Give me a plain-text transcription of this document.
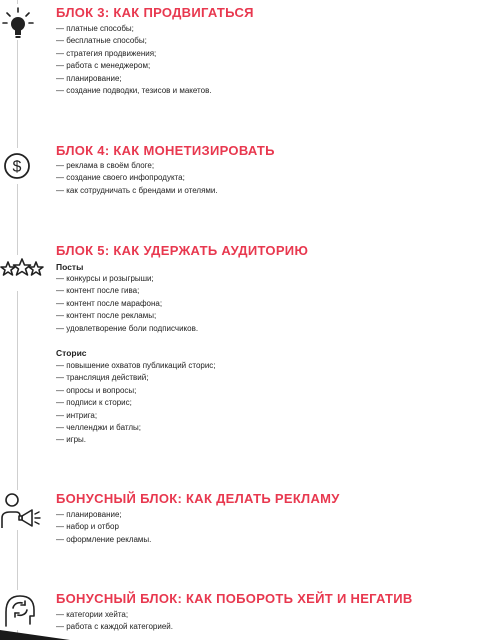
БЛОК 3: КАК ПРОДВИГАТЬСЯ
— платные способы;
— бесплатные способы;
— стратегия продвижения;
— работа с менеджером;
— планирование;
— создание подводки, тезисов и макетов.
$
БЛОК 4: КАК МОНЕТИЗИРОВАТЬ
— реклама в своём блоге;
— создание своего инфопродукта;
— как сотрудничать с брендами и отелями.
БЛОК 5: КАК УДЕРЖАТЬ АУДИТОРИЮ
Посты
— конкурсы и розыгрыши;
— контент после гива;
— контент после марафона;
— контент после рекламы;
— удовлетворение боли подписчиков.
Сторис
— повышение охватов публикаций сторис;
— трансляция действий;
— опросы и вопросы;
— подписи к сторис;
— интрига;
— челленджи и батлы;
— игры.
БОНУСНЫЙ БЛОК: КАК ДЕЛАТЬ РЕКЛАМУ
— планирование;
— набор и отбор
— оформление рекламы.
БОНУСНЫЙ БЛОК: КАК ПОБОРОТЬ ХЕЙТ И НЕГАТИВ
— категории хейта;
— работа с каждой категорией.
